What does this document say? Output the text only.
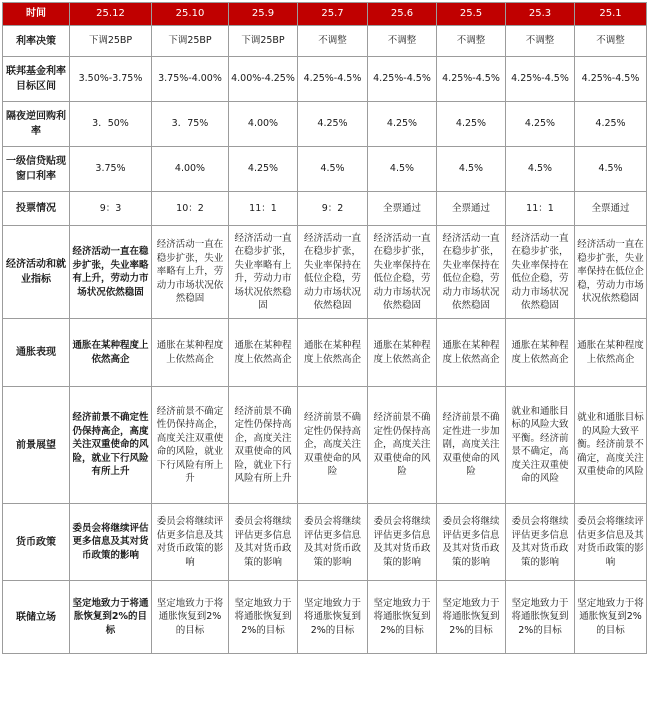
时间	25.12	25.10	25.9	25.7	25.6	25.5	25.3	25.1
利率决策	下调25BP	下调25BP	下调25BP	不调整	不调整	不调整	不调整	不调整
联邦基金利率目标区间	3.50%-3.75%	3.75%-4.00%	4.00%-4.25%	4.25%-4.5%	4.25%-4.5%	4.25%-4.5%	4.25%-4.5%	4.25%-4.5%
隔夜逆回购利率	3．50%	3．75%	4.00%	4.25%	4.25%	4.25%	4.25%	4.25%
一级信贷贴现窗口利率	3.75%	4.00%	4.25%	4.5%	4.5%	4.5%	4.5%	4.5%
投票情况	9：3	10：2	11：1	9：2	全票通过	全票通过	11：1	全票通过
经济活动和就业指标	经济活动一直在稳步扩张，失业率略有上升，劳动力市场状况依然稳固	经济活动一直在稳步扩张，失业率略有上升，劳动力市场状况依然稳固	经济活动一直在稳步扩张，失业率略有上升，劳动力市场状况依然稳固	经济活动一直在稳步扩张，失业率保持在低位企稳，劳动力市场状况依然稳固	经济活动一直在稳步扩张，失业率保持在低位企稳，劳动力市场状况依然稳固	经济活动一直在稳步扩张，失业率保持在低位企稳，劳动力市场状况依然稳固	经济活动一直在稳步扩张，失业率保持在低位企稳，劳动力市场状况依然稳固	经济活动一直在稳步扩张，失业率保持在低位企稳，劳动力市场状况依然稳固
通胀表现	通胀在某种程度上依然高企	通胀在某种程度上依然高企	通胀在某种程度上依然高企	通胀在某种程度上依然高企	通胀在某种程度上依然高企	通胀在某种程度上依然高企	通胀在某种程度上依然高企	通胀在某种程度上依然高企
前景展望	经济前景不确定性仍保持高企，高度关注双重使命的风险，就业下行风险有所上升	经济前景不确定性仍保持高企，高度关注双重使命的风险，就业下行风险有所上升	经济前景不确定性仍保持高企，高度关注双重使命的风险，就业下行风险有所上升	经济前景不确定性仍保持高企，高度关注双重使命的风险	经济前景不确定性仍保持高企，高度关注双重使命的风险	经济前景不确定性进一步加剧，高度关注双重使命的风险	就业和通胀目标的风险大致平衡。经济前景不确定，高度关注双重使命的风险	就业和通胀目标的风险大致平衡。经济前景不确定，高度关注双重使命的风险
货币政策	委员会将继续评估更多信息及其对货币政策的影响	委员会将继续评估更多信息及其对货币政策的影响	委员会将继续评估更多信息及其对货币政策的影响	委员会将继续评估更多信息及其对货币政策的影响	委员会将继续评估更多信息及其对货币政策的影响	委员会将继续评估更多信息及其对货币政策的影响	委员会将继续评估更多信息及其对货币政策的影响	委员会将继续评估更多信息及其对货币政策的影响
联储立场	坚定地致力于将通胀恢复到2%的目标	坚定地致力于将通胀恢复到2%的目标	坚定地致力于将通胀恢复到2%的目标	坚定地致力于将通胀恢复到2%的目标	坚定地致力于将通胀恢复到2%的目标	坚定地致力于将通胀恢复到2%的目标	坚定地致力于将通胀恢复到2%的目标	坚定地致力于将通胀恢复到2%的目标
